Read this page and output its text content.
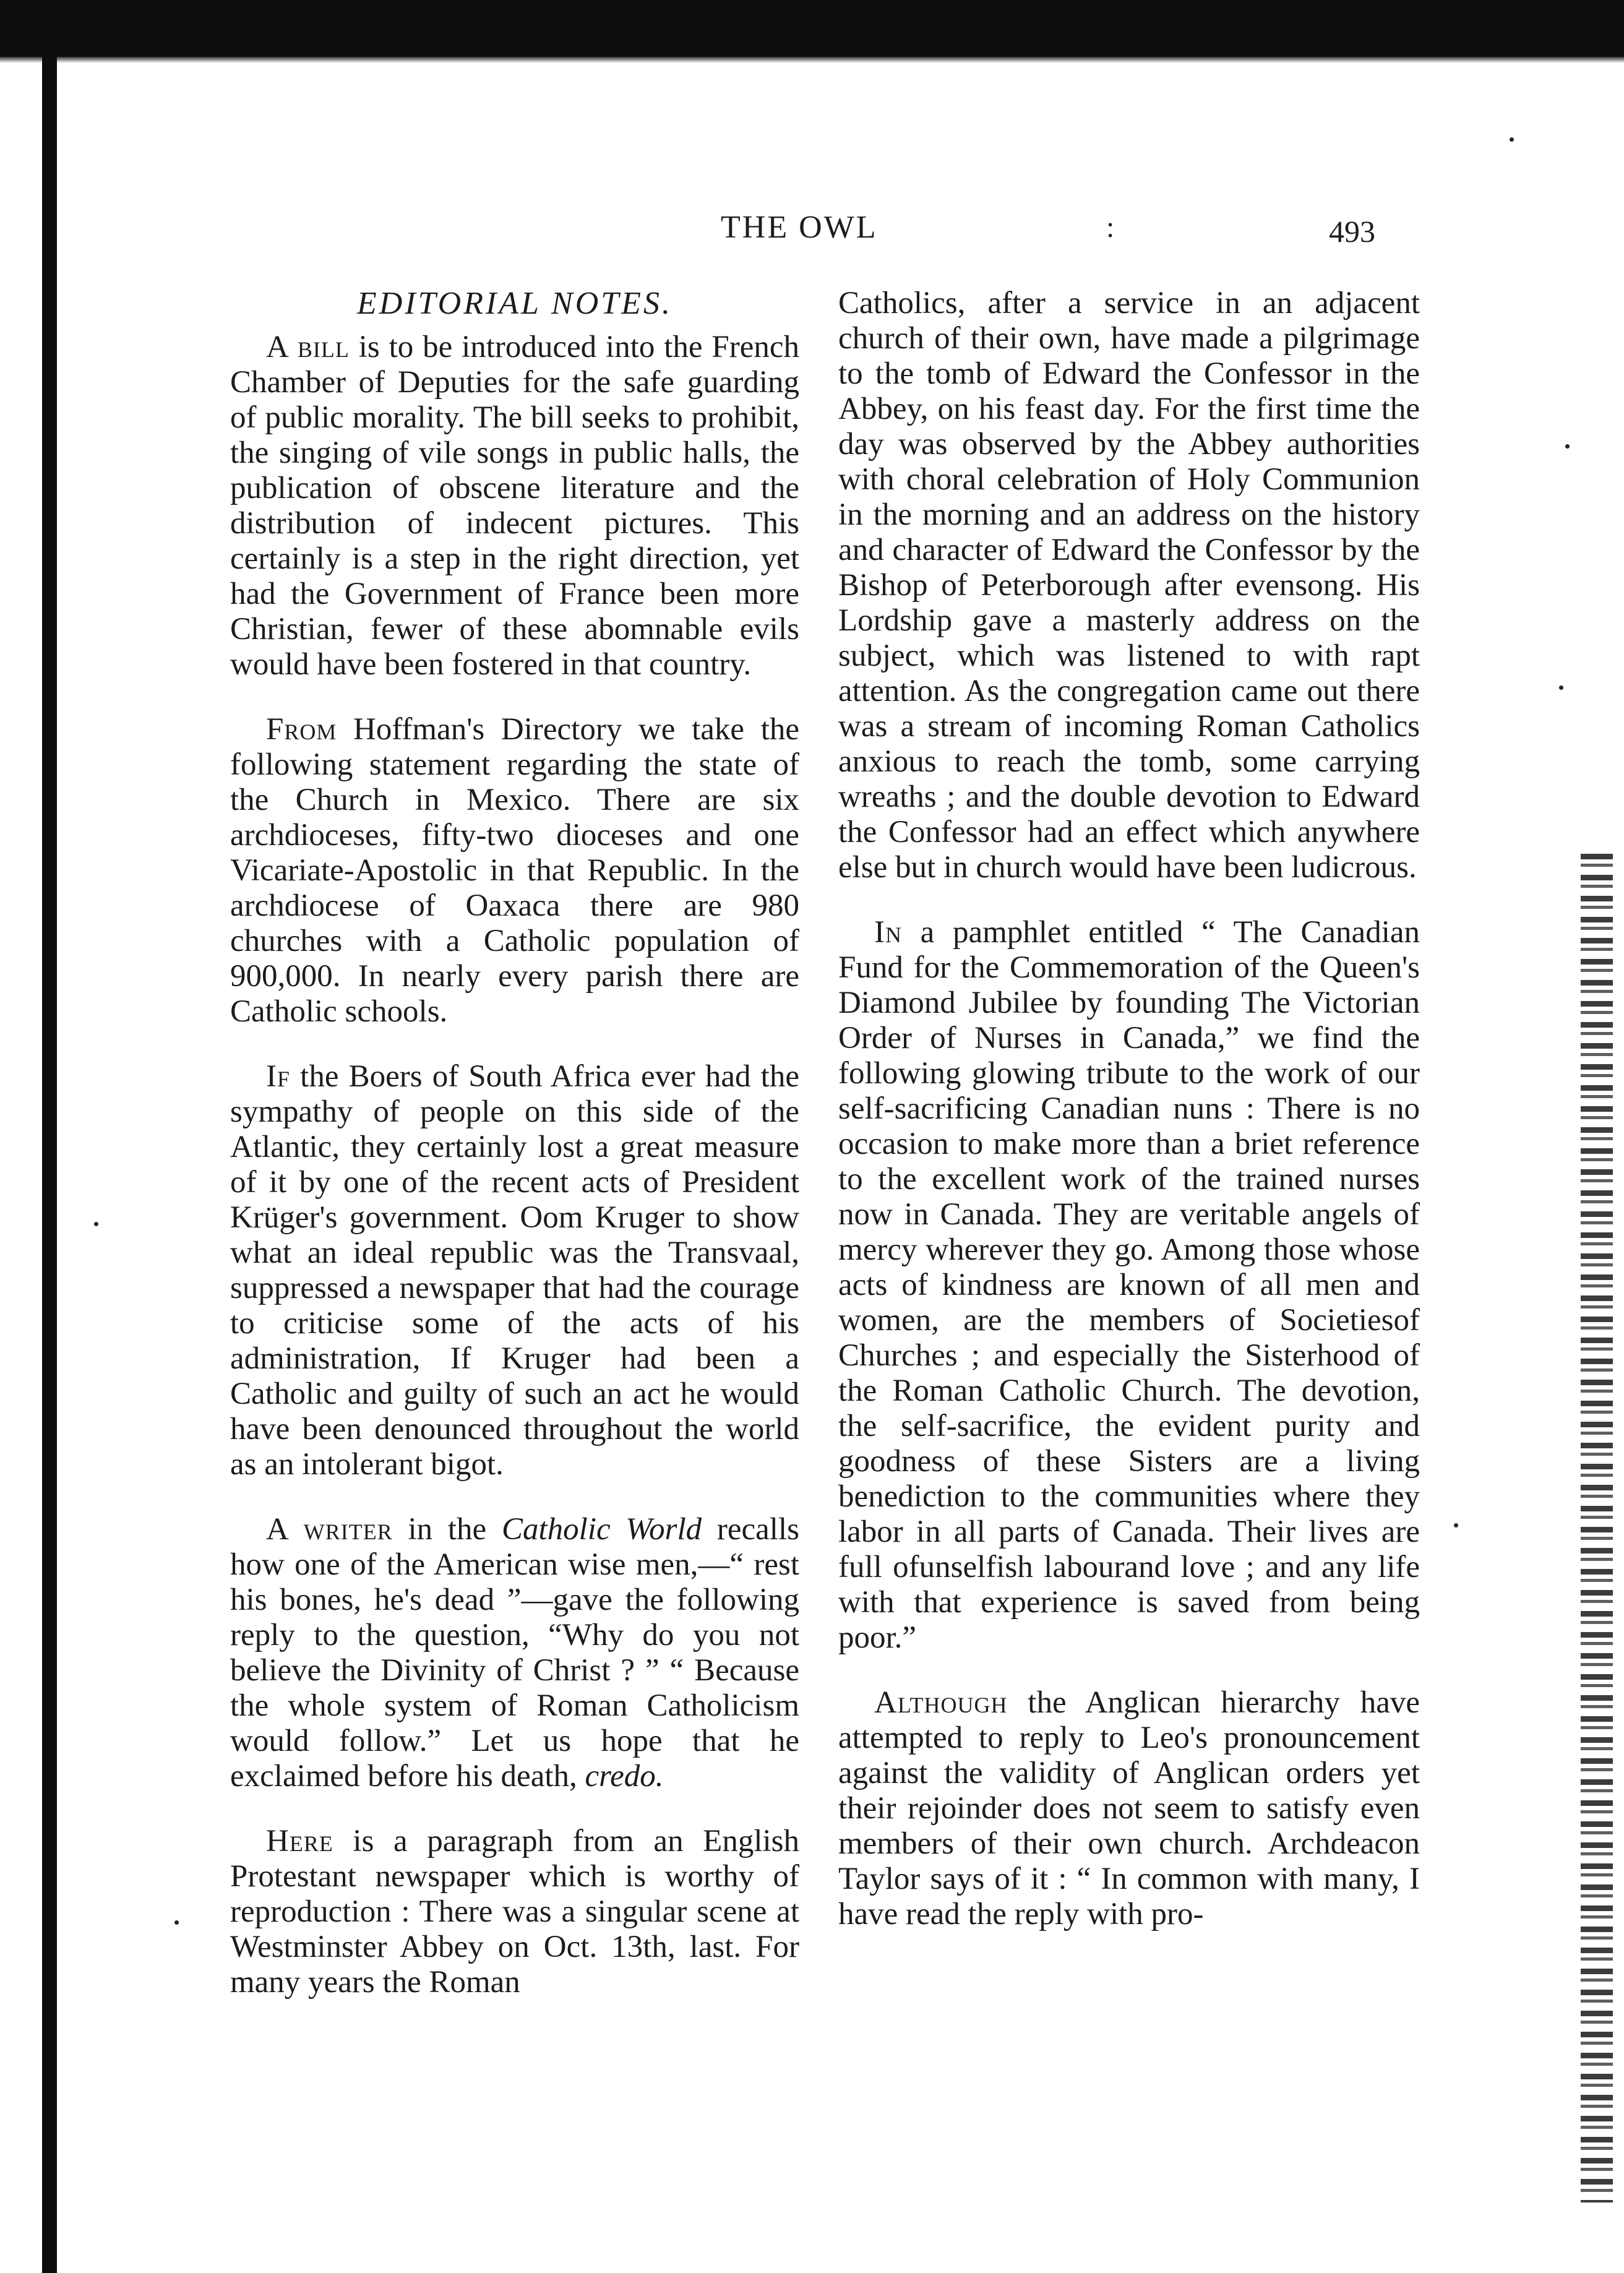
THE OWL	:	493
EDITORIAL NOTES.

A bill is to be introduced into the French Chamber of Deputies for the safe guarding of public morality. The bill seeks to prohibit, the singing of vile songs in public halls, the publication of obscene literature and the distribution of indecent pictures. This certainly is a step in the right direction, yet had the Government of France been more Christian, fewer of these abomnable evils would have been fostered in that country.

From Hoffman's Directory we take the following statement regarding the state of the Church in Mexico. There are six archdioceses, fifty-two dioceses and one Vicariate-Apostolic in that Republic. In the archdiocese of Oaxaca there are 980 churches with a Catholic population of 900,000. In nearly every parish there are Catholic schools.

If the Boers of South Africa ever had the sympathy of people on this side of the Atlantic, they certainly lost a great measure of it by one of the recent acts of President Krüger's government. Oom Kruger to show what an ideal republic was the Transvaal, suppressed a newspaper that had the courage to criticise some of the acts of his administration, If Kruger had been a Catholic and guilty of such an act he would have been denounced throughout the world as an intolerant bigot.

A writer in the Catholic World recalls how one of the American wise men,—“ rest his bones, he's dead ”—gave the following reply to the question, “Why do you not believe the Divinity of Christ ? ” “ Because the whole system of Roman Catholicism would follow.” Let us hope that he exclaimed before his death, credo.

Here is a paragraph from an English Protestant newspaper which is worthy of reproduction : There was a singular scene at Westminster Abbey on Oct. 13th, last. For many years the Roman

Catholics, after a service in an adjacent church of their own, have made a pilgrimage to the tomb of Edward the Confessor in the Abbey, on his feast day. For the first time the day was observed by the Abbey authorities with choral celebration of Holy Communion in the morning and an address on the history and character of Edward the Confessor by the Bishop of Peterborough after evensong. His Lordship gave a masterly address on the subject, which was listened to with rapt attention. As the congregation came out there was a stream of incoming Roman Catholics anxious to reach the tomb, some carrying wreaths ; and the double devotion to Edward the Confessor had an effect which anywhere else but in church would have been ludicrous.

In a pamphlet entitled “ The Canadian Fund for the Commemoration of the Queen's Diamond Jubilee by founding The Victorian Order of Nurses in Canada,” we find the following glowing tribute to the work of our self-sacrificing Canadian nuns : There is no occasion to make more than a briet reference to the excellent work of the trained nurses now in Canada. They are veritable angels of mercy wherever they go. Among those whose acts of kindness are known of all men and women, are the members of Societiesof Churches ; and especially the Sisterhood of the Roman Catholic Church. The devotion, the self-sacrifice, the evident purity and goodness of these Sisters are a living benediction to the communities where they labor in all parts of Canada. Their lives are full ofunselfish labourand love ; and any life with that experience is saved from being poor.”

Although the Anglican hierarchy have attempted to reply to Leo's pronouncement against the validity of Anglican orders yet their rejoinder does not seem to satisfy even members of their own church. Archdeacon Taylor says of it : “ In common with many, I have read the reply with pro-
